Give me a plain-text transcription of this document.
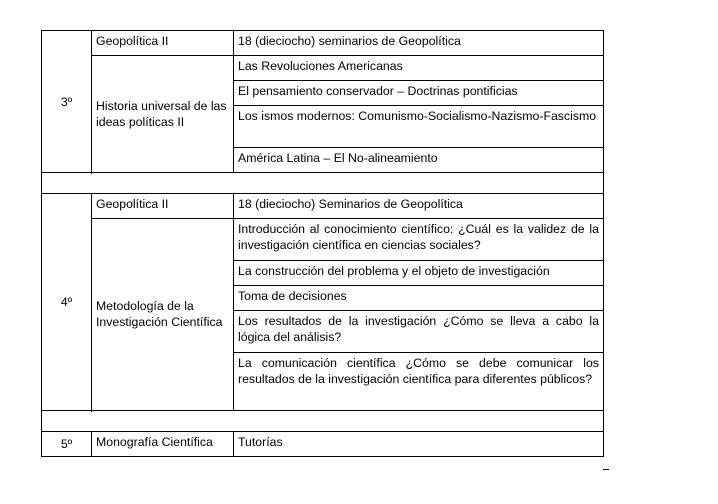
3º	Geopolítica II	18 (dieciocho) seminarios de Geopolítica
	Historia universal de las ideas políticas II	Las Revoluciones Americanas
		El pensamiento conservador – Doctrinas pontificias
		Los ismos modernos: Comunismo-Socialismo-Nazismo-Fascismo
		América Latina – El No-alineamiento

4º	Geopolítica II	18 (dieciocho) Seminarios de Geopolítica
	Metodología de la Investigación Científica	Introducción al conocimiento científico: ¿Cuál es la validez de la investigación científica en ciencias sociales?
		La construcción del problema y el objeto de investigación
		Toma de decisiones
		Los resultados de la investigación ¿Cómo se lleva a cabo la lógica del análisis?
		La comunicación científica ¿Cómo se debe comunicar los resultados de la investigación científica para diferentes públicos?

5º	Monografía Científica	Tutorías
